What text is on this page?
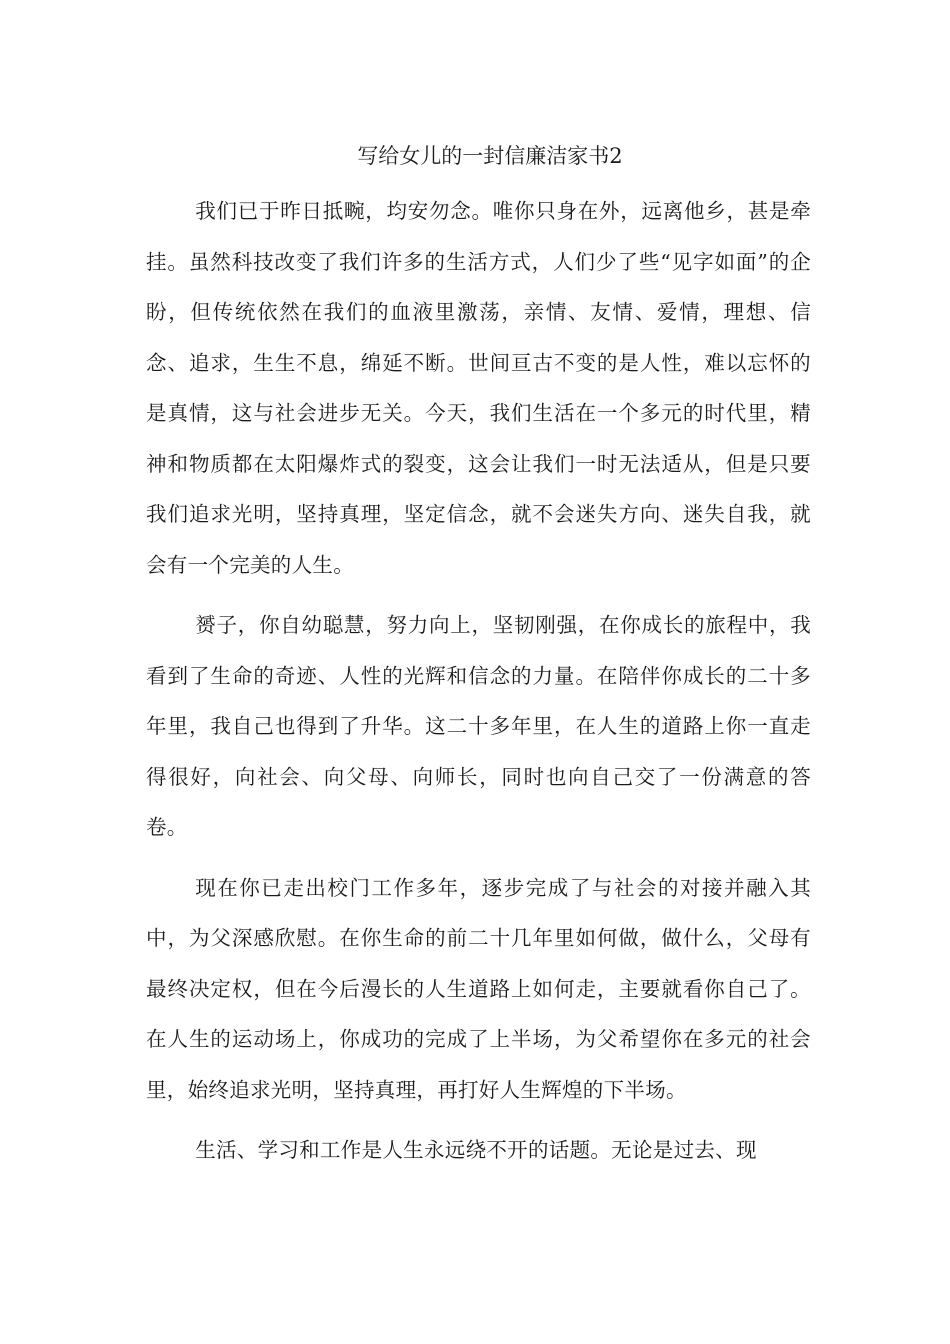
写给女儿的一封信廉洁家书2

我们已于昨日抵畹，均安勿念。唯你只身在外，远离他乡，甚是牵挂。虽然科技改变了我们许多的生活方式，人们少了些“见字如面”的企盼，但传统依然在我们的血液里激荡，亲情、友情、爱情，理想、信念、追求，生生不息，绵延不断。世间亘古不变的是人性，难以忘怀的是真情，这与社会进步无关。今天，我们生活在一个多元的时代里，精神和物质都在太阳爆炸式的裂变，这会让我们一时无法适从，但是只要我们追求光明，坚持真理，坚定信念，就不会迷失方向、迷失自我，就会有一个完美的人生。

赟子，你自幼聪慧，努力向上，坚韧刚强，在你成长的旅程中，我看到了生命的奇迹、人性的光辉和信念的力量。在陪伴你成长的二十多年里，我自己也得到了升华。这二十多年里，在人生的道路上你一直走得很好，向社会、向父母、向师长，同时也向自己交了一份满意的答卷。

现在你已走出校门工作多年，逐步完成了与社会的对接并融入其中，为父深感欣慰。在你生命的前二十几年里如何做，做什么，父母有最终决定权，但在今后漫长的人生道路上如何走，主要就看你自己了。在人生的运动场上，你成功的完成了上半场，为父希望你在多元的社会里，始终追求光明，坚持真理，再打好人生辉煌的下半场。

生活、学习和工作是人生永远绕不开的话题。无论是过去、现
